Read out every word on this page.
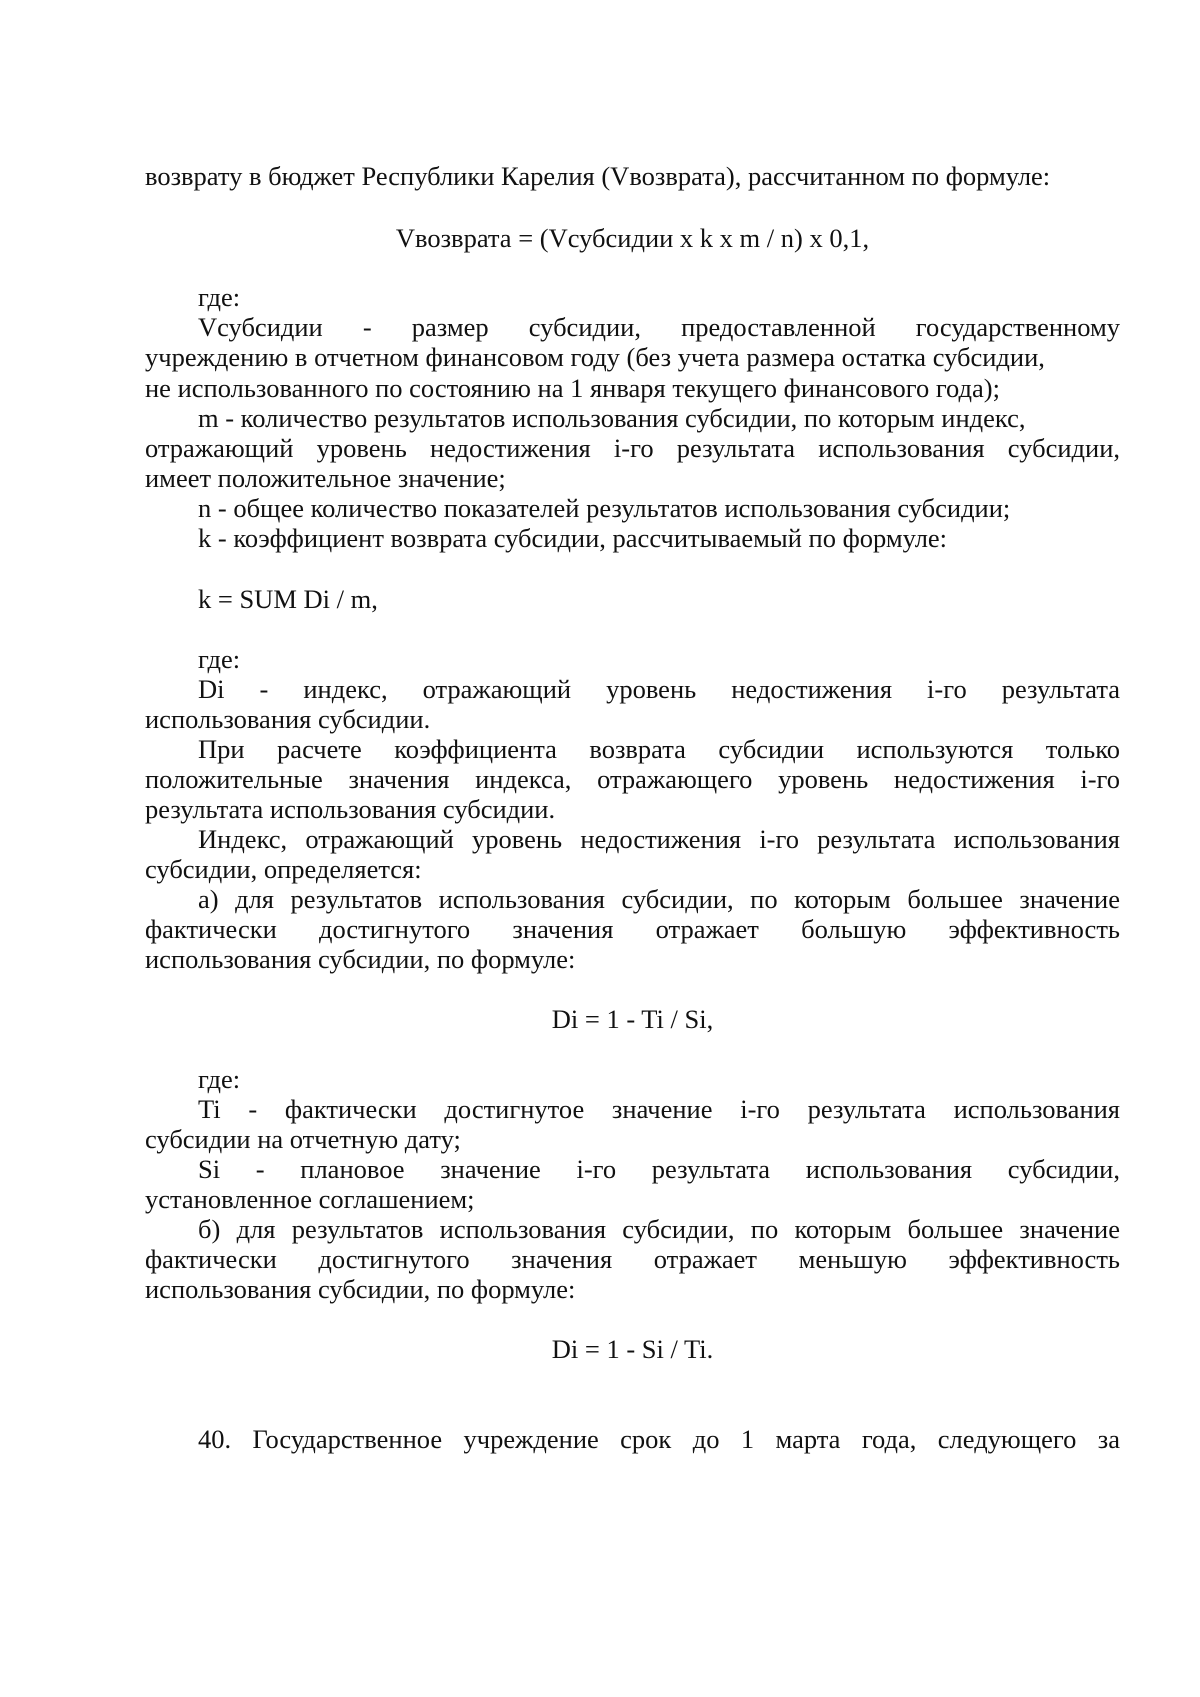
возврату в бюджет Республики Карелия (Vвозврата), рассчитанном по формуле:
Vвозврата = (Vсубсидии x k x m / n) x 0,1,
где:
Vсубсидии - размер субсидии, предоставленной государственному
учреждению в отчетном финансовом году (без учета размера остатка субсидии,
не использованного по состоянию на 1 января текущего финансового года);
m - количество результатов использования субсидии, по которым индекс,
отражающий уровень недостижения i-го результата использования субсидии,
имеет положительное значение;
n - общее количество показателей результатов использования субсидии;
k - коэффициент возврата субсидии, рассчитываемый по формуле:
k = SUM Di / m,
где:
Di - индекс, отражающий уровень недостижения i-го результата
использования субсидии.
При расчете коэффициента возврата субсидии используются только
положительные значения индекса, отражающего уровень недостижения i-го
результата использования субсидии.
Индекс, отражающий уровень недостижения i-го результата использования
субсидии, определяется:
а) для результатов использования субсидии, по которым большее значение
фактически достигнутого значения отражает большую эффективность
использования субсидии, по формуле:
Di = 1 - Ti / Si,
где:
Ti - фактически достигнутое значение i-го результата использования
субсидии на отчетную дату;
Si - плановое значение i-го результата использования субсидии,
установленное соглашением;
б) для результатов использования субсидии, по которым большее значение
фактически достигнутого значения отражает меньшую эффективность
использования субсидии, по формуле:
Di = 1 - Si / Ti.
40. Государственное учреждение срок до 1 марта года, следующего за
